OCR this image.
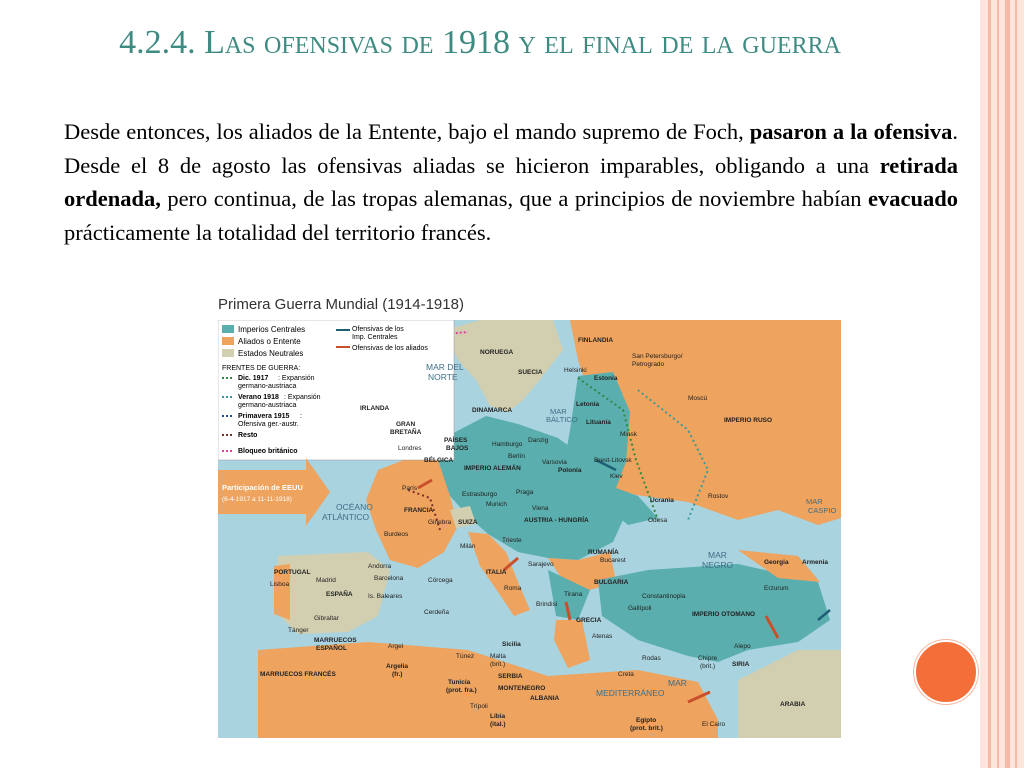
4.2.4. Las ofensivas de 1918 y el final de la guerra

Desde entonces, los aliados de la Entente, bajo el mando supremo de Foch, pasaron a la ofensiva. Desde el 8 de agosto las ofensivas aliadas se hicieron imparables, obligando a una retirada ordenada, pero continua, de las tropas alemanas, que a principios de noviembre habían evacuado prácticamente la totalidad del territorio francés.

Primera Guerra Mundial (1914-1918)
Imperios Centrales
Aliados o Entente
Estados Neutrales
Ofensivas de los
Imp. Centrales
Ofensivas de los aliados
FRENTES DE GUERRA:
Dic. 1917 : Expansión
germano-austriaca
Verano 1918 : Expansión
germano-austriaca
Primavera 1915 :
Ofensiva ger.-austr.
Resto
Bloqueo británico
Participación de EEUU
(6-4-1917 a 11-11-1918)
MAR DEL
NORTE
OCÉANO
ATLÁNTICO
MAR
BÁLTICO
MAR
NEGRO
MAR
CASPIO
MAR
MEDITERRÁNEO
FINLANDIA
NORUEGA
SUECIA	Helsinki
San Petersburgo/
Petrogrado
Estonia
Letonia
Lituania
Moscú
IMPERIO RUSO
IRLANDA	DINAMARCA
GRAN
BRETAÑA
Londres
PAÍSES
BAJOS
BÉLGICA
Hamburgo
Berlín
Danzig
Varsovia
Polonia
Brest-Litovsk
Minsk
Kiev
Rostov
Ucrania
Odesa
IMPERIO ALEMÁN
París
Estrasburgo	Praga
Munich
Viena
FRANCIA
Ginebra SUIZA	AUSTRIA - HUNGRÍA
Burdeos
Milán
Trieste
RUMANÍA
Bucarest
Sarajevo
PORTUGAL
Lisboa
ESPAÑA
Madrid
Andorra
Barcelona
Is. Baleares
Córcega
Cerdeña
ITALIA
Roma
Brindisi
Tirana
BULGARIA
Constantinopla
Gallípoli
GRECIA
Atenas
Georgia Armenia
Erzurum
IMPERIO OTOMANO
Gibraltar
Tánger
MARRUECOS
ESPAÑOL	Argel
Túnez
Sicilia
Malta
(brit.)
SERBIA
MONTENEGRO
ALBANIA
Creta
Rodas	Chipre
(brit.)
Alepo
SIRIA
ARABIA
MARRUECOS FRANCÉS
Argelia
(fr.)
Tunicia
(prot. fra.)
Trípoli
Libia
(ital.)
Egipto
(prot. brit.)
El Cairo
